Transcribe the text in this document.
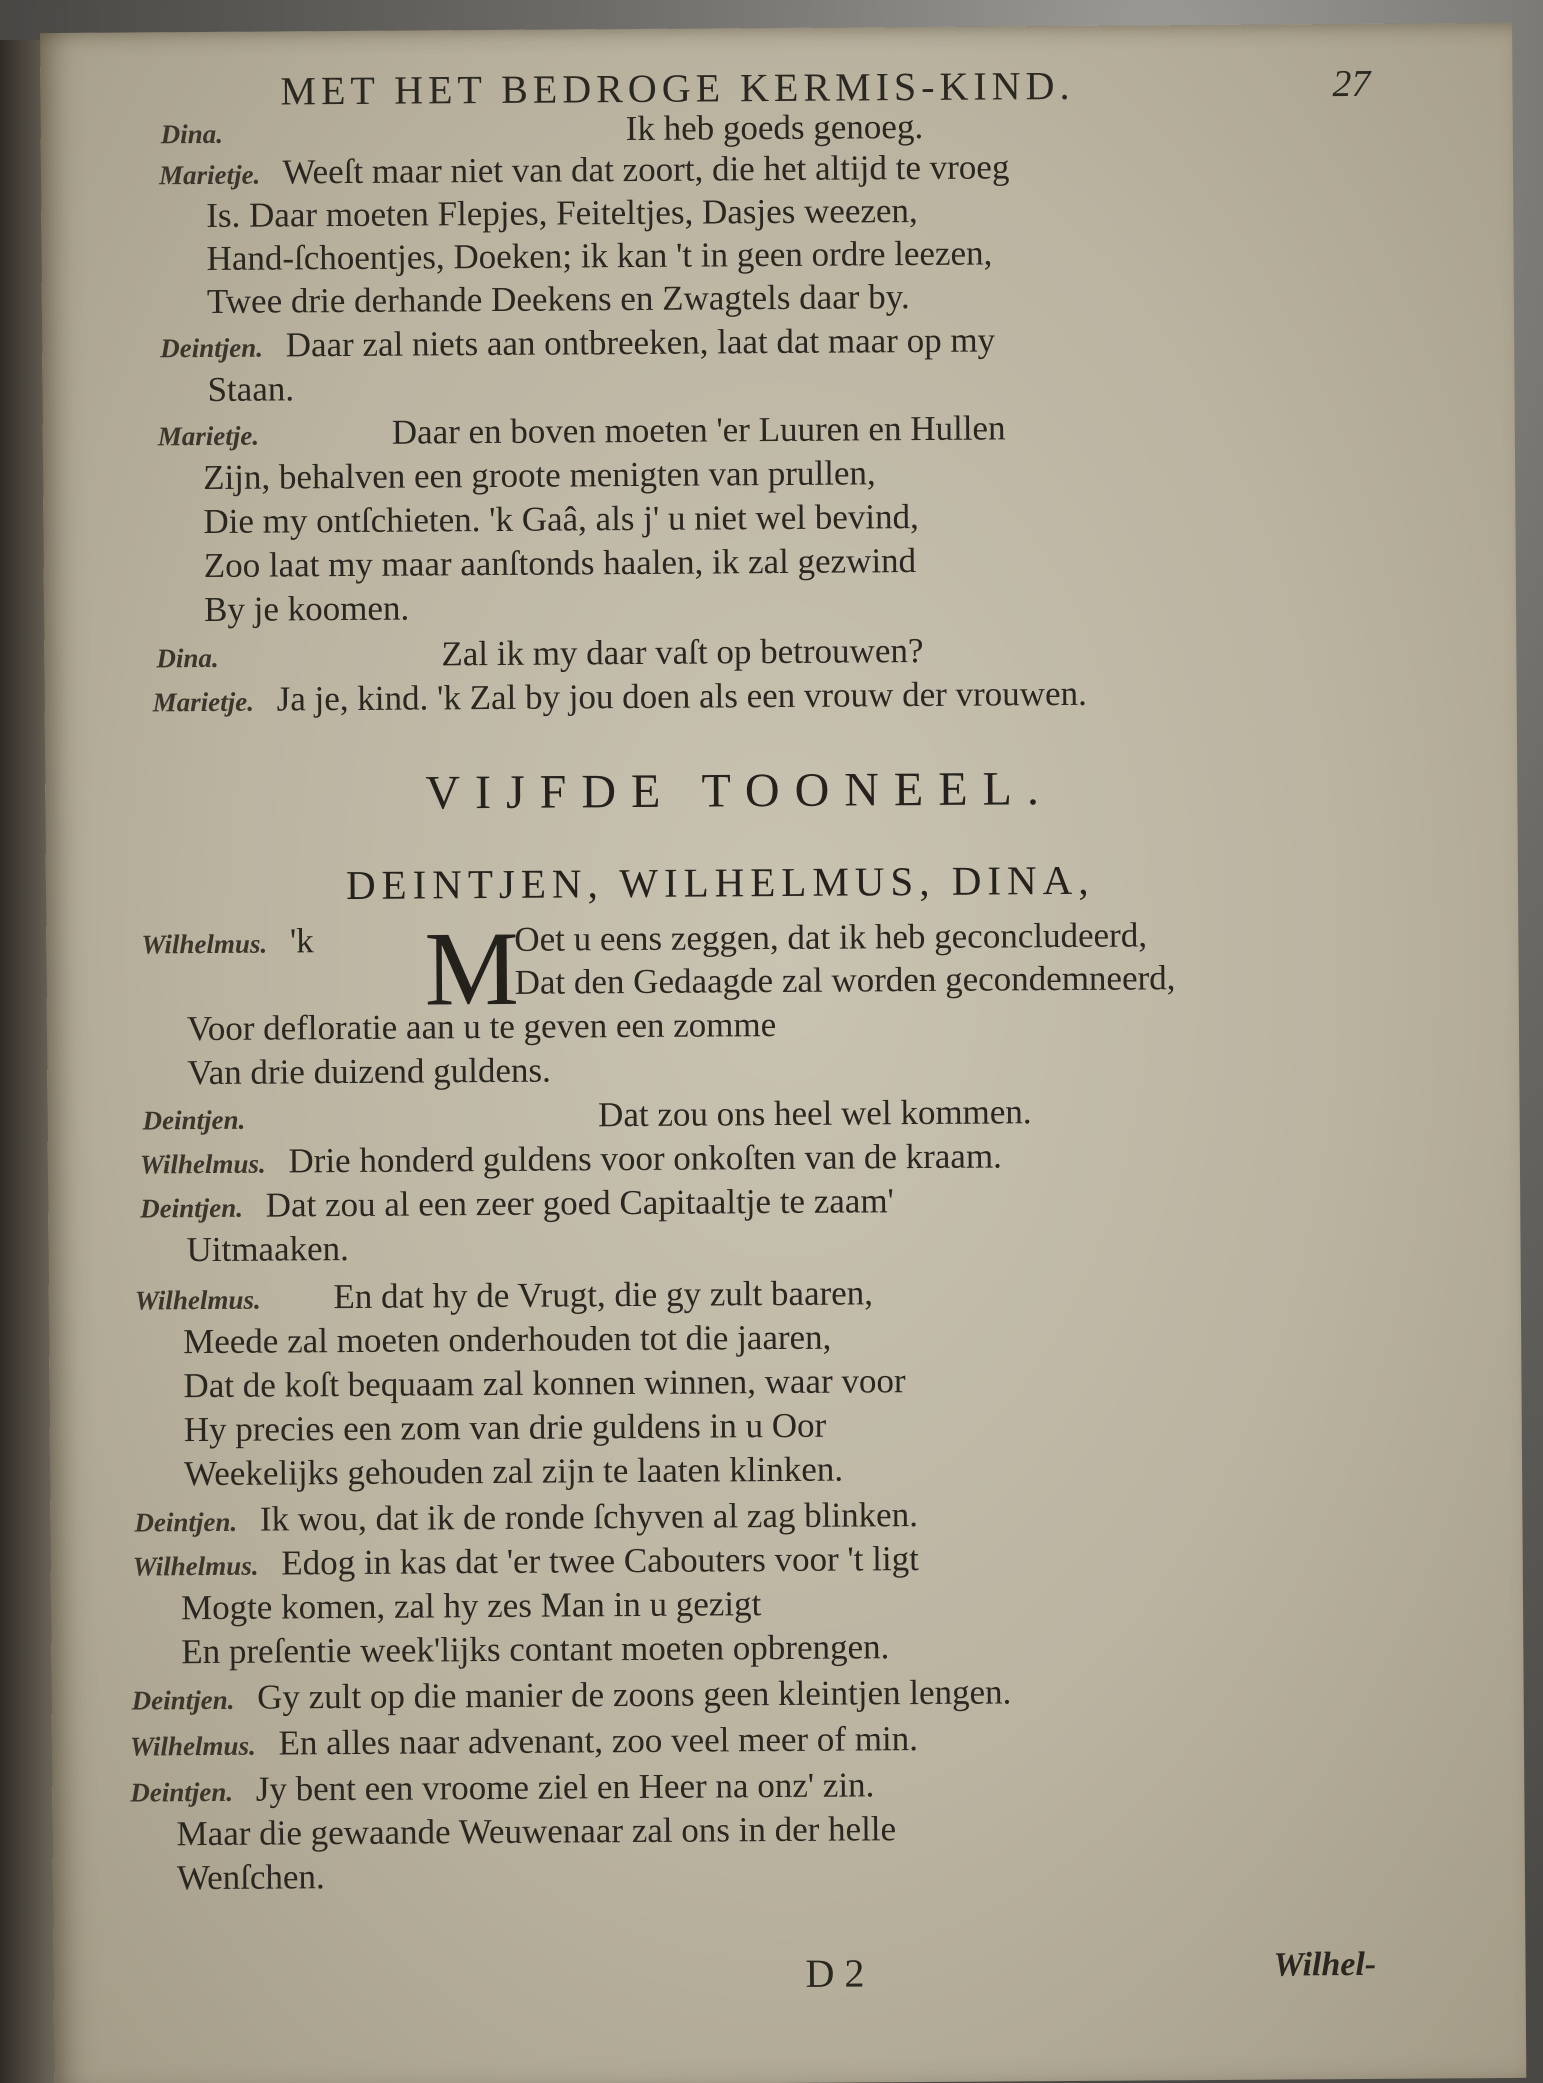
MET HET BEDROGE KERMIS-KIND.	27
Dina.	Ik heb goeds genoeg.
Marietje. Weeſt maar niet van dat zoort, die het altijd te vroeg
Is. Daar moeten Flepjes, Feiteltjes, Dasjes weezen,
Hand-ſchoentjes, Doeken; ik kan 't in geen ordre leezen,
Twee drie derhande Deekens en Zwagtels daar by.
Deintjen. Daar zal niets aan ontbreeken, laat dat maar op my
Staan.
Marietje.	Daar en boven moeten 'er Luuren en Hullen
Zijn, behalven een groote menigten van prullen,
Die my ontſchieten. 'k Gaâ, als j' u niet wel bevind,
Zoo laat my maar aanſtonds haalen, ik zal gezwind
By je koomen.
Dina.	Zal ik my daar vaſt op betrouwen?
Marietje. Ja je, kind. 'k Zal by jou doen als een vrouw der vrouwen.
VIJFDE TOONEEL.
DEINTJEN, WILHELMUS, DINA,
M
Wilhelmus. 'k	Oet u eens zeggen, dat ik heb geconcludeerd,
Dat den Gedaagde zal worden gecondemneerd,
Voor defloratie aan u te geven een zomme
Van drie duizend guldens.
Deintjen.	Dat zou ons heel wel kommen.
Wilhelmus. Drie honderd guldens voor onkoſten van de kraam.
Deintjen. Dat zou al een zeer goed Capitaaltje te zaam'
Uitmaaken.
Wilhelmus. En dat hy de Vrugt, die gy zult baaren,
Meede zal moeten onderhouden tot die jaaren,
Dat de koſt bequaam zal konnen winnen, waar voor
Hy precies een zom van drie guldens in u Oor
Weekelijks gehouden zal zijn te laaten klinken.
Deintjen. Ik wou, dat ik de ronde ſchyven al zag blinken.
Wilhelmus. Edog in kas dat 'er twee Cabouters voor 't ligt
Mogte komen, zal hy zes Man in u gezigt
En preſentie week'lijks contant moeten opbrengen.
Deintjen. Gy zult op die manier de zoons geen kleintjen lengen.
Wilhelmus. En alles naar advenant, zoo veel meer of min.
Deintjen. Jy bent een vroome ziel en Heer na onz' zin.
Maar die gewaande Weuwenaar zal ons in der helle
Wenſchen.
D 2	Wilhel-
